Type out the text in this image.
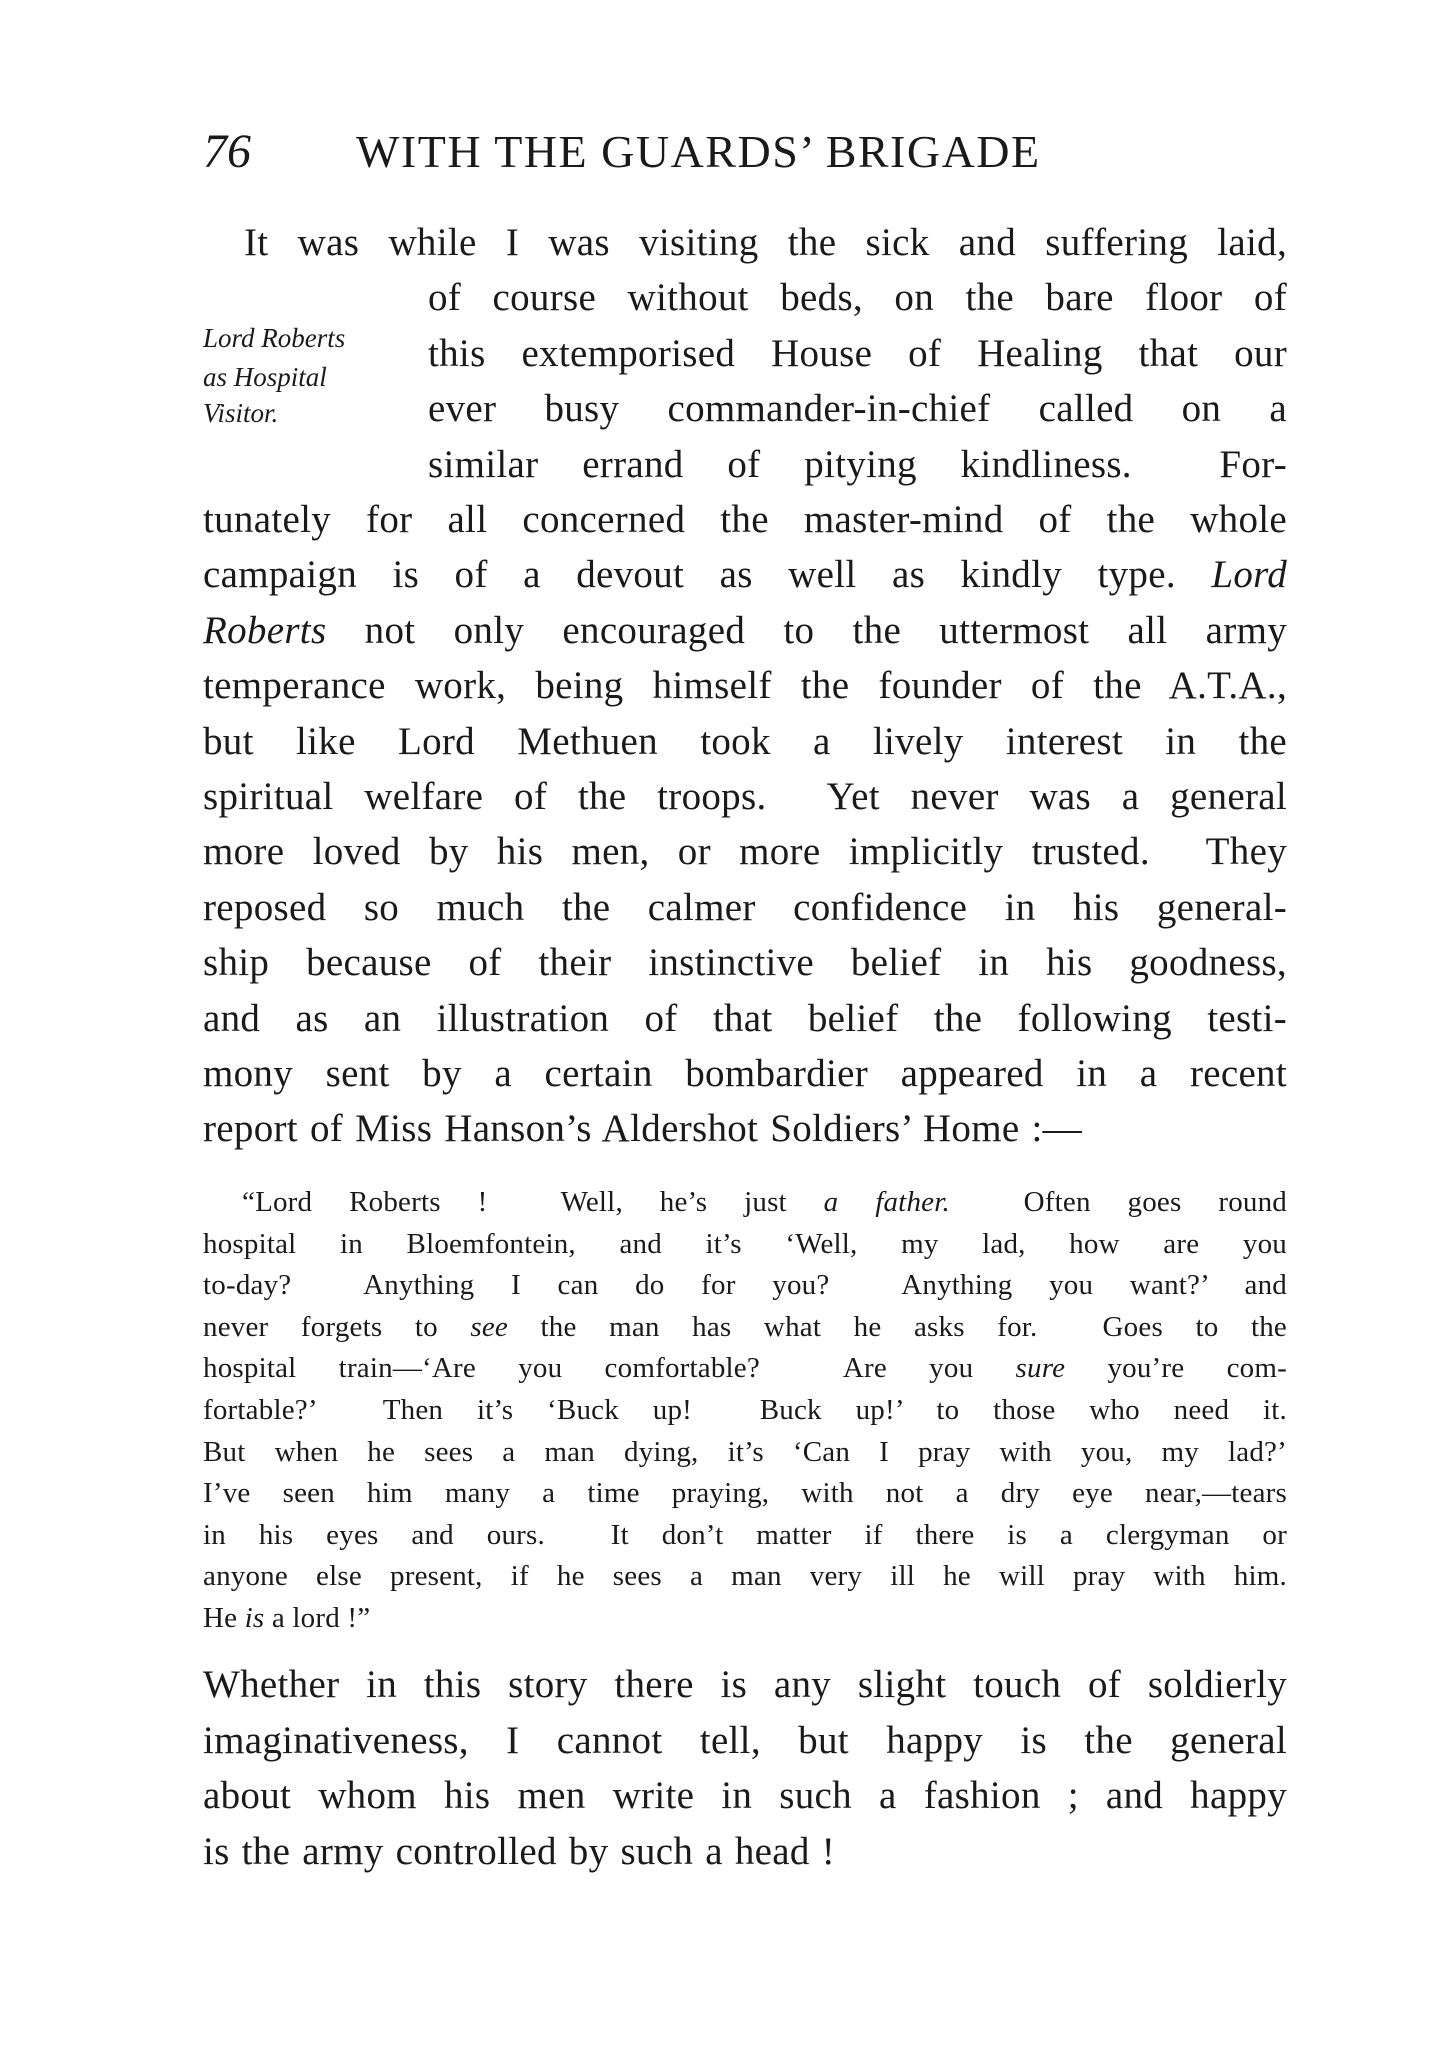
76 WITH THE GUARDS’ BRIGADE
Lord Roberts
as Hospital
Visitor.
It was while I was visiting the sick and suffering laid,
of course without beds, on the bare floor of
this extemporised House of Healing that our
ever busy commander-in-chief called on a
similar errand of pitying kindliness.  For-
tunately for all concerned the master-mind of the whole
campaign is of a devout as well as kindly type. Lord
Roberts not only encouraged to the uttermost all army
temperance work, being himself the founder of the A.T.A.,
but like Lord Methuen took a lively interest in the
spiritual welfare of the troops.  Yet never was a general
more loved by his men, or more implicitly trusted.  They
reposed so much the calmer confidence in his general-
ship because of their instinctive belief in his goodness,
and as an illustration of that belief the following testi-
mony sent by a certain bombardier appeared in a recent
report of Miss Hanson’s Aldershot Soldiers’ Home :—
“Lord Roberts !  Well, he’s just a father.  Often goes round
hospital in Bloemfontein, and it’s ‘Well, my lad, how are you
to-day?  Anything I can do for you?  Anything you want?’ and
never forgets to see the man has what he asks for.  Goes to the
hospital train—‘Are you comfortable?  Are you sure you’re com-
fortable?’  Then it’s ‘Buck up!  Buck up!’ to those who need it.
But when he sees a man dying, it’s ‘Can I pray with you, my lad?’
I’ve seen him many a time praying, with not a dry eye near,—tears
in his eyes and ours.  It don’t matter if there is a clergyman or
anyone else present, if he sees a man very ill he will pray with him.
He is a lord !”
Whether in this story there is any slight touch of soldierly
imaginativeness, I cannot tell, but happy is the general
about whom his men write in such a fashion ; and happy
is the army controlled by such a head !
